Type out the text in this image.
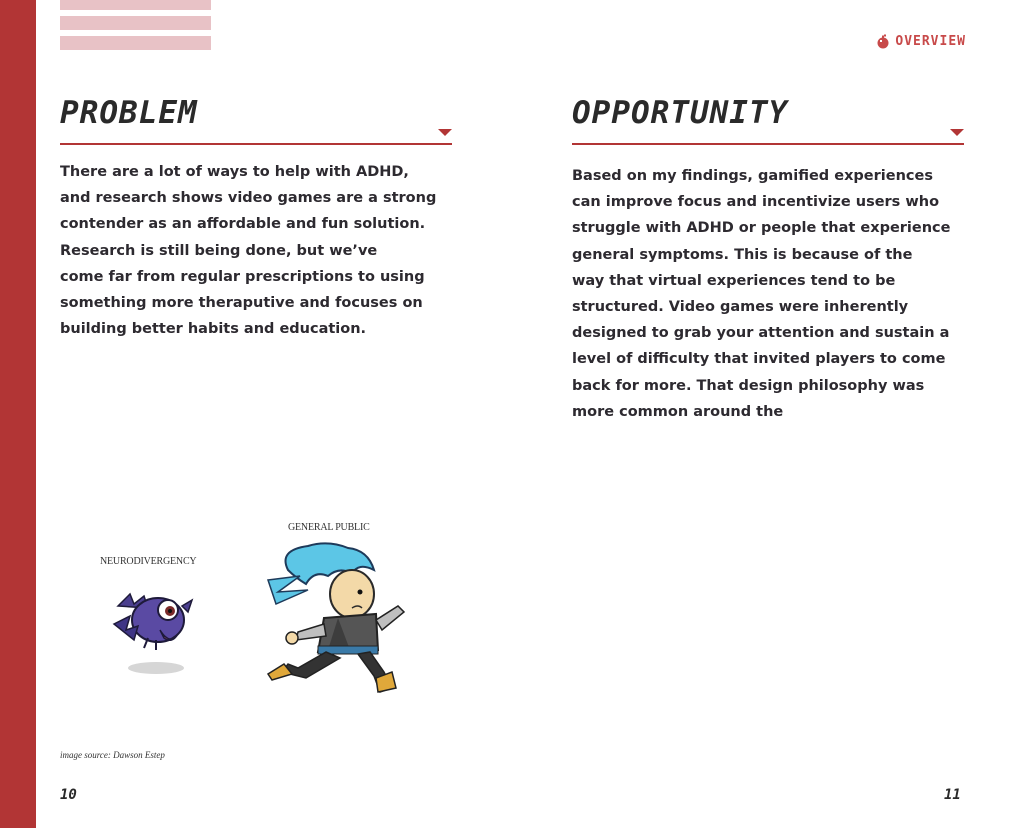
OVERVIEW
PROBLEM

There are a lot of ways to help with ADHD,
and research shows video games are a strong
contender as an affordable and fun solution.
Research is still being done, but we’ve
come far from regular prescriptions to using
something more theraputive and focuses on
building better habits and education.

GENERAL PUBLIC
NEURODIVERGENCY
image source: Dawson Estep
10
OPPORTUNITY

Based on my findings, gamified experiences
can improve focus and incentivize users who
struggle with ADHD or people that experience
general symptoms. This is because of the
way that virtual experiences tend to be
structured. Video games were inherently
designed to grab your attention and sustain a
level of difficulty that invited players to come
back for more. That design philosophy was
more common around the

11
